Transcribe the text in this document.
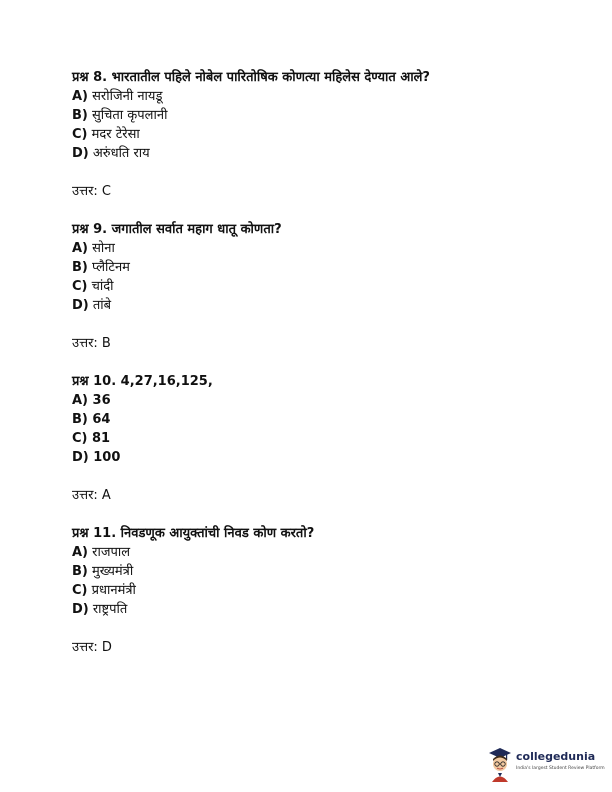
प्रश्न 8. भारतातील पहिले नोबेल पारितोषिक कोणत्या महिलेस देण्यात आले?
A) सरोजिनी नायडू
B) सुचिता कृपलानी
C) मदर टेरेसा
D) अरुंधति राय
उत्तर: C
प्रश्न 9. जगातील सर्वात महाग धातू कोणता?
A) सोना
B) प्लैटिनम
C) चांदी
D) तांबे
उत्तर: B
प्रश्न 10. 4,27,16,125,
A) 36
B) 64
C) 81
D) 100
उत्तर: A
प्रश्न 11. निवडणूक आयुक्तांची निवड कोण करतो?
A) राजपाल
B) मुख्यमंत्री
C) प्रधानमंत्री
D) राष्ट्रपति
उत्तर: D
collegedunia
India's largest Student Review Platform
